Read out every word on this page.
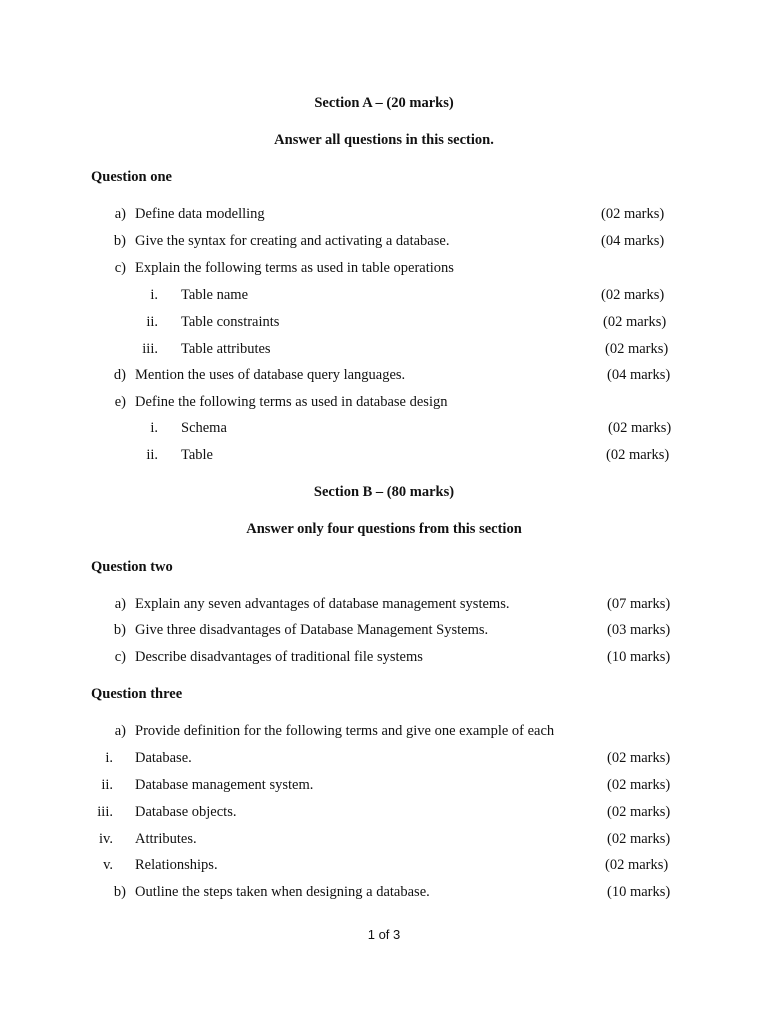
Section A – (20 marks)
Answer all questions in this section.
Question one
a) Define data modelling	(02 marks)
b) Give the syntax for creating and activating a database.	(04 marks)
c) Explain the following terms as used in table operations
i. Table name	(02 marks)
ii. Table constraints	(02 marks)
iii. Table attributes	(02 marks)
d) Mention the uses of database query languages.	(04 marks)
e) Define the following terms as used in database design
i. Schema	(02 marks)
ii. Table	(02 marks)
Section B – (80 marks)
Answer only four questions from this section
Question two
a) Explain any seven advantages of database management systems.	(07 marks)
b) Give three disadvantages of Database Management Systems.	(03 marks)
c) Describe disadvantages of traditional file systems	(10 marks)
Question three
a) Provide definition for the following terms and give one example of each
i. Database.	(02 marks)
ii. Database management system.	(02 marks)
iii. Database objects.	(02 marks)
iv. Attributes.	(02 marks)
v. Relationships.	(02 marks)
b) Outline the steps taken when designing a database.	(10 marks)
1 of 3
